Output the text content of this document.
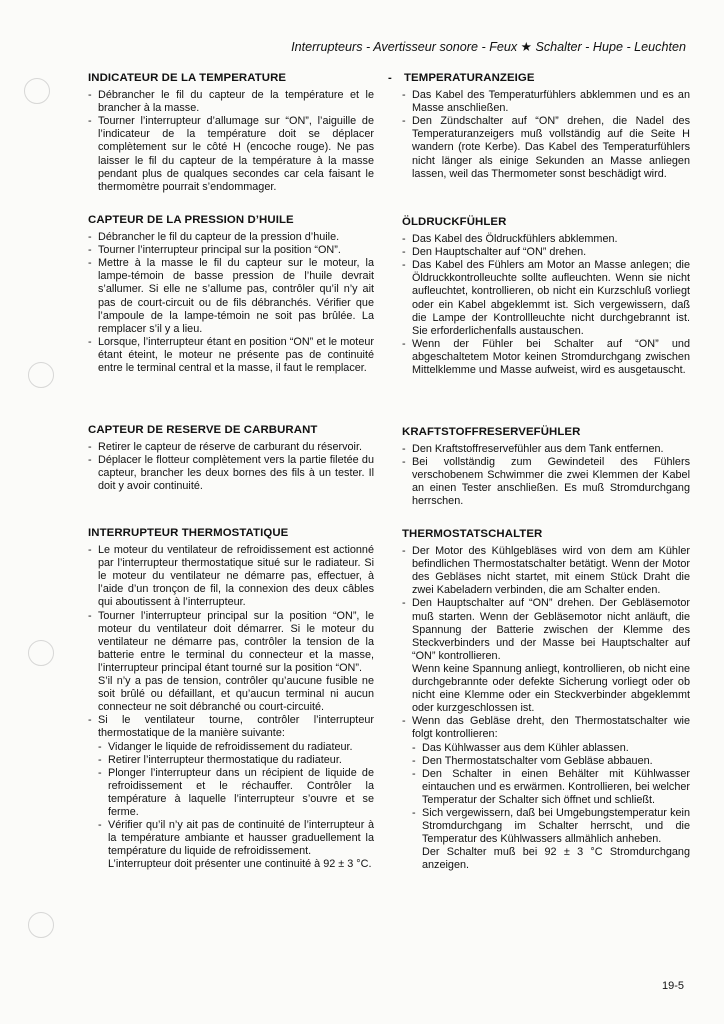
Interrupteurs - Avertisseur sonore - Feux ★ Schalter - Hupe - Leuchten
INDICATEUR DE LA TEMPERATURE
- Débrancher le fil du capteur de la température et le brancher à la masse.
- Tourner l’interrupteur d’allumage sur “ON”, l’aiguille de l’indicateur de la température doit se déplacer complètement sur le côté H (encoche rouge). Ne pas laisser le fil du capteur de la température à la masse pendant plus de qualques secondes car cela faisant le thermomètre pourrait s’endommager.
CAPTEUR DE LA PRESSION D’HUILE
- Débrancher le fil du capteur de la pression d’huile.
- Tourner l’interrupteur principal sur la position “ON”.
- Mettre à la masse le fil du capteur sur le moteur, la lampe-témoin de basse pression de l’huile devrait s’allumer. Si elle ne s’allume pas, contrôler qu’il n’y ait pas de court-circuit ou de fils débranchés. Vérifier que l’ampoule de la lampe-témoin ne soit pas brûlée. La remplacer s’il y a lieu.
- Lorsque, l’interrupteur étant en position “ON” et le moteur étant éteint, le moteur ne présente pas de continuité entre le terminal central et la masse, il faut le remplacer.
CAPTEUR DE RESERVE DE CARBURANT
- Retirer le capteur de réserve de carburant du réservoir.
- Déplacer le flotteur complètement vers la partie filetée du capteur, brancher les deux bornes des fils à un tester. Il doit y avoir continuité.
INTERRUPTEUR THERMOSTATIQUE
- Le moteur du ventilateur de refroidissement est actionné par l’interrupteur thermostatique situé sur le radiateur. Si le moteur du ventilateur ne démarre pas, effectuer, à l’aide d’un tronçon de fil, la connexion des deux câbles qui aboutissent à l’interrupteur.
- Tourner l’interrupteur principal sur la position “ON”, le moteur du ventilateur doit démarrer. Si le moteur du ventilateur ne démarre pas, contrôler la tension de la batterie entre le terminal du connecteur et la masse, l’interrupteur principal étant tourné sur la position “ON”.
S’il n’y a pas de tension, contrôler qu’aucune fusible ne soit brûlé ou défaillant, et qu’aucun terminal ni aucun connecteur ne soit débranché ou court-circuité.
- Si le ventilateur tourne, contrôler l’interrupteur thermostatique de la manière suivante:
- Vidanger le liquide de refroidissement du radiateur.
- Retirer l’interrupteur thermostatique du radiateur.
- Plonger l’interrupteur dans un récipient de liquide de refroidissement et le réchauffer. Contrôler la température à laquelle l’interrupteur s’ouvre et se ferme.
- Vérifier qu’il n’y ait pas de continuité de l’interrupteur à la température ambiante et hausser graduellement la température du liquide de refroidissement.

L’interrupteur doit présenter une continuité à 92 ± 3 °C.

- TEMPERATURANZEIGE
- Das Kabel des Temperaturfühlers abklemmen und es an Masse anschließen.
- Den Zündschalter auf “ON” drehen, die Nadel des Temperaturanzeigers muß vollständig auf die Seite H wandern (rote Kerbe). Das Kabel des Temperaturfühlers nicht länger als einige Sekunden an Masse anliegen lassen, weil das Thermometer sonst beschädigt wird.
ÖLDRUCKFÜHLER
- Das Kabel des Öldruckfühlers abklemmen.
- Den Hauptschalter auf “ON” drehen.
- Das Kabel des Fühlers am Motor an Masse anlegen; die Öldruckkontrolleuchte sollte aufleuchten. Wenn sie nicht aufleuchtet, kontrollieren, ob nicht ein Kurzschluß vorliegt oder ein Kabel abgeklemmt ist. Sich vergewissern, daß die Lampe der Kontrollleuchte nicht durchgebrannt ist. Sie erforderlichenfalls austauschen.
- Wenn der Fühler bei Schalter auf “ON” und abgeschaltetem Motor keinen Stromdurchgang zwischen Mittelklemme und Masse aufweist, wird es ausgetauscht.
KRAFTSTOFFRESERVEFÜHLER
- Den Kraftstoffreservefühler aus dem Tank entfernen.
- Bei vollständig zum Gewindeteil des Fühlers verschobenem Schwimmer die zwei Klemmen der Kabel an einen Tester anschließen. Es muß Stromdurchgang herrschen.
THERMOSTATSCHALTER
- Der Motor des Kühlgebläses wird von dem am Kühler befindlichen Thermostatschalter betätigt. Wenn der Motor des Gebläses nicht startet, mit einem Stück Draht die zwei Kabeladern verbinden, die am Schalter enden.
- Den Hauptschalter auf “ON” drehen. Der Gebläsemotor muß starten. Wenn der Gebläsemotor nicht anläuft, die Spannung der Batterie zwischen der Klemme des Steckverbinders und der Masse bei Hauptschalter auf “ON” kontrollieren.
Wenn keine Spannung anliegt, kontrollieren, ob nicht eine durchgebrannte oder defekte Sicherung vorliegt oder ob nicht eine Klemme oder ein Steckverbinder abgeklemmt oder kurzgeschlossen ist.
- Wenn das Gebläse dreht, den Thermostatschalter wie folgt kontrollieren:
- Das Kühlwasser aus dem Kühler ablassen.
- Den Thermostatschalter vom Gebläse abbauen.
- Den Schalter in einen Behälter mit Kühlwasser eintauchen und es erwärmen. Kontrollieren, bei welcher Temperatur der Schalter sich öffnet und schließt.
- Sich vergewissern, daß bei Umgebungstemperatur kein Stromdurchgang im Schalter herrscht, und die Temperatur des Kühlwassers allmählich anheben.

Der Schalter muß bei 92 ± 3 °C Stromdurchgang anzeigen.

19-5
